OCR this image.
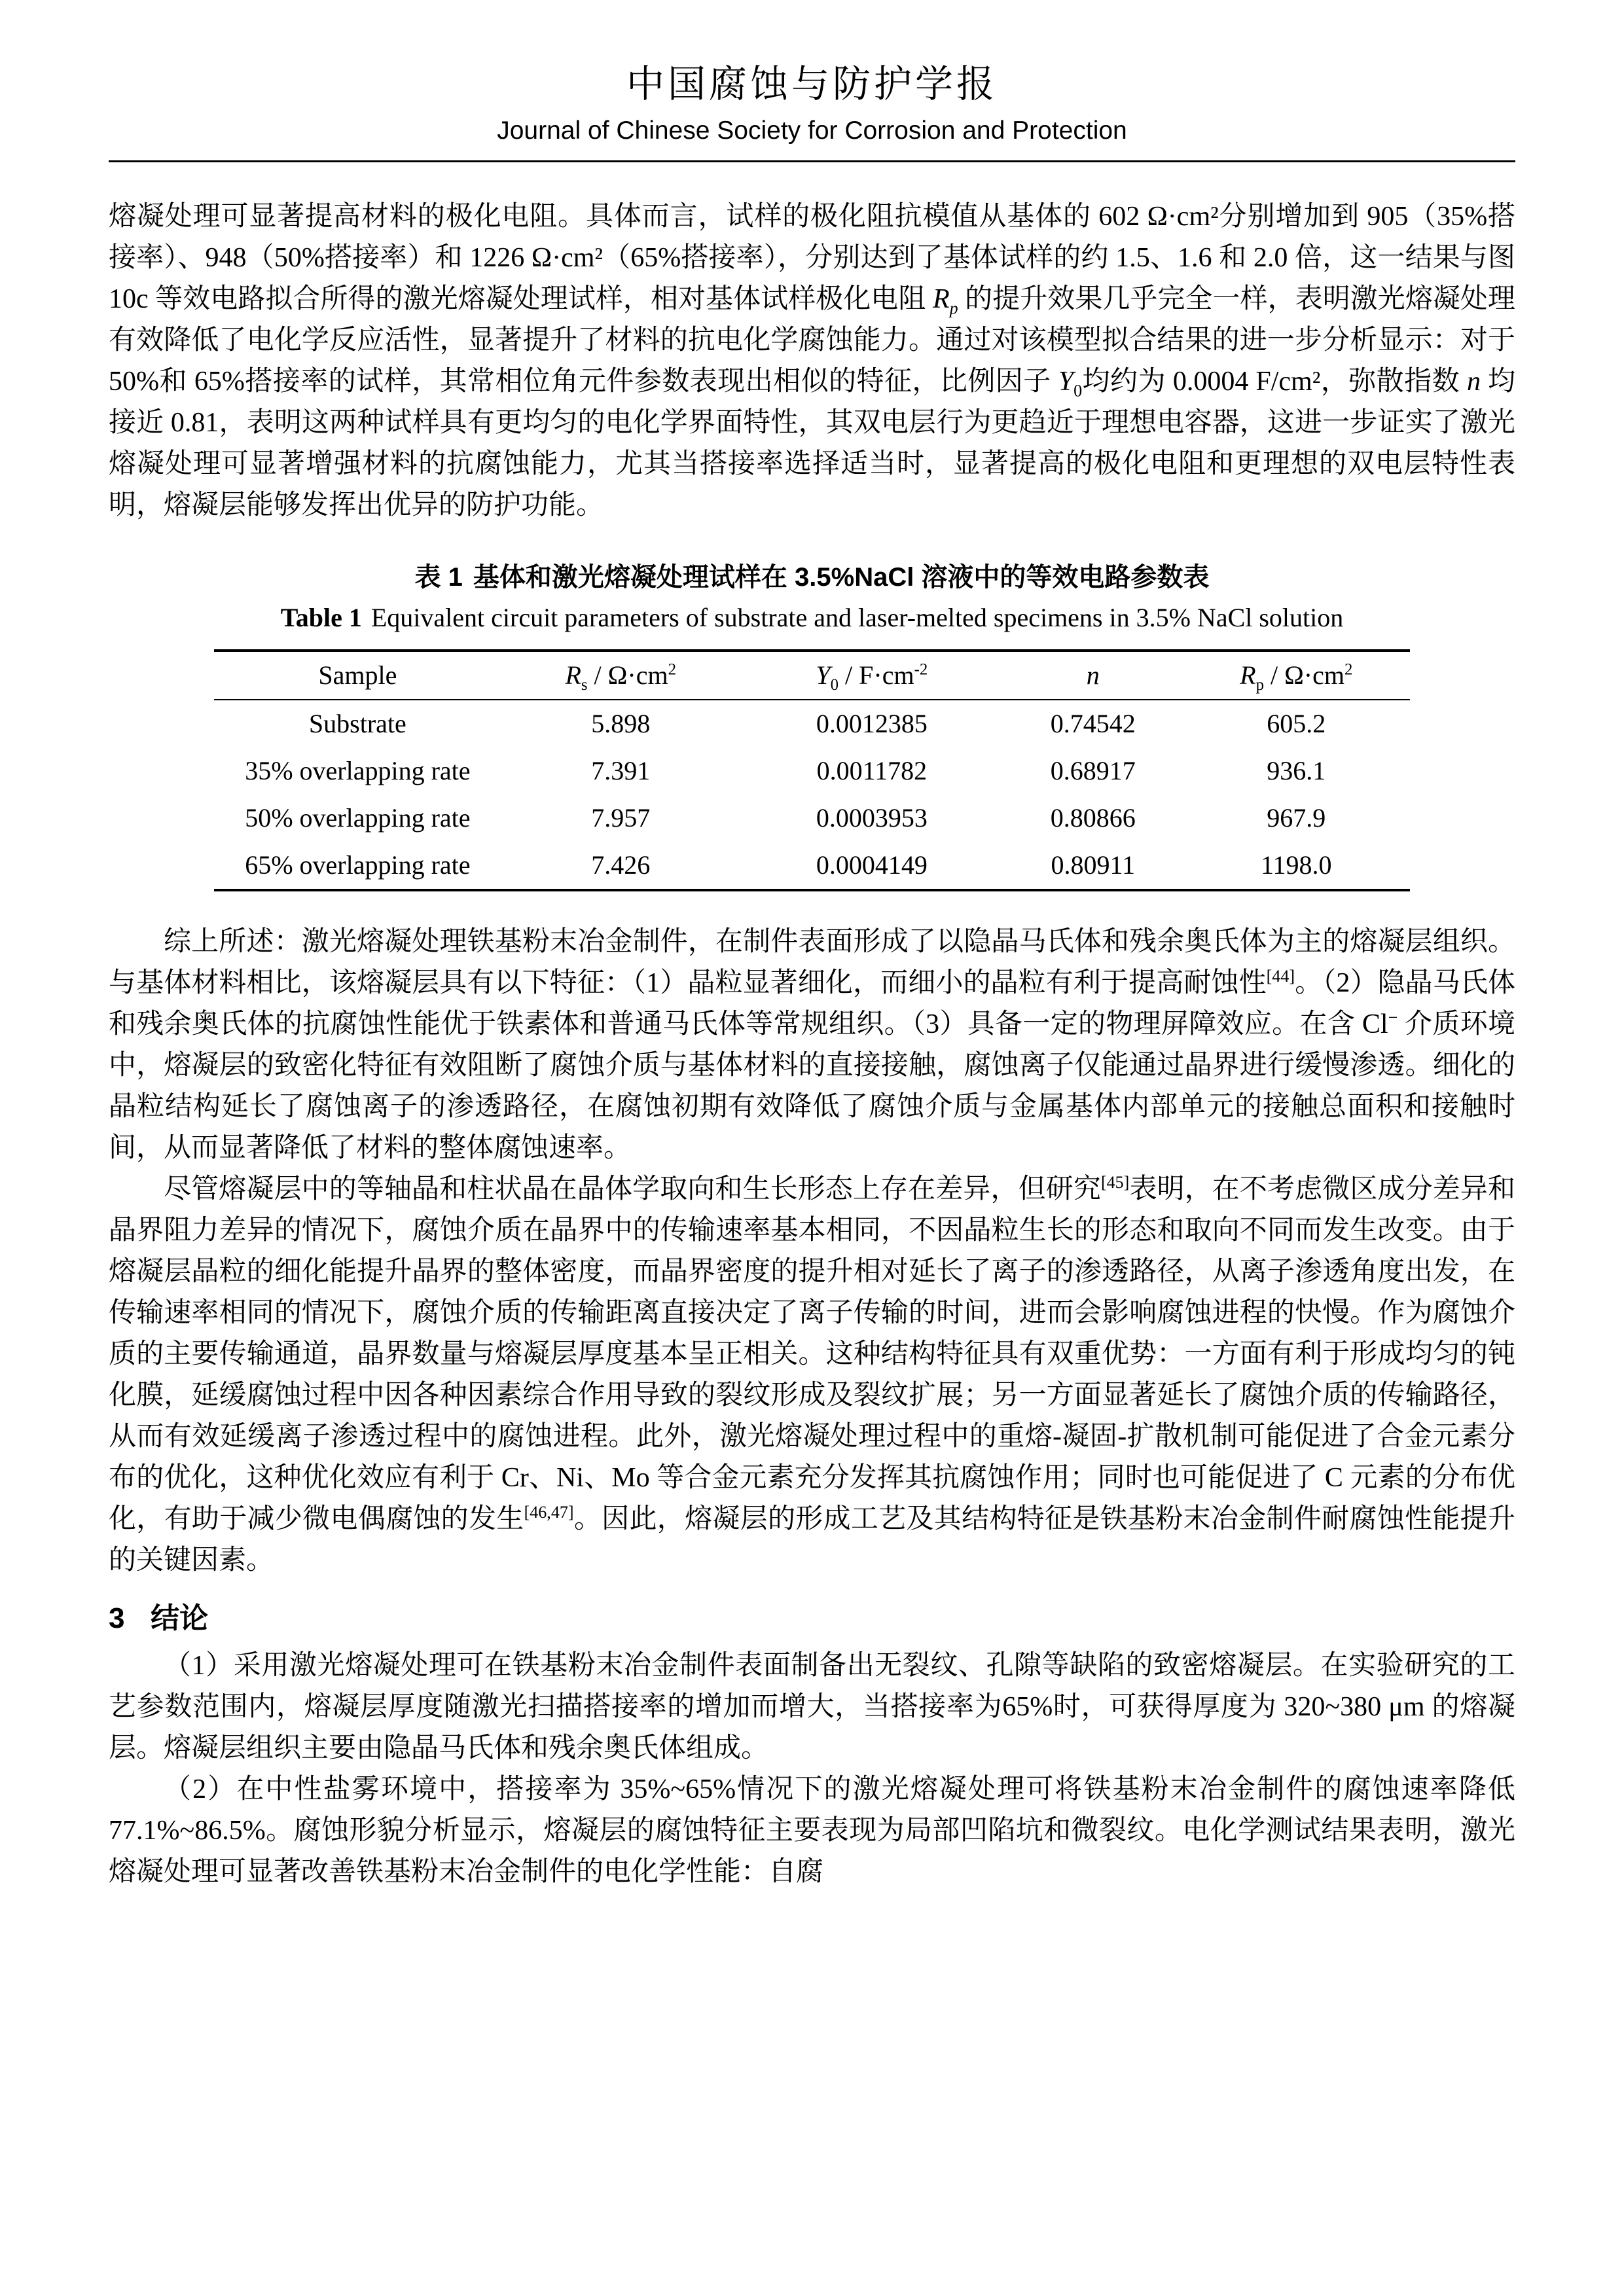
中国腐蚀与防护学报
Journal of Chinese Society for Corrosion and Protection

熔凝处理可显著提高材料的极化电阻。具体而言，试样的极化阻抗模值从基体的 602 Ω·cm²分别增加到 905（35%搭接率）、948（50%搭接率）和 1226 Ω·cm²（65%搭接率），分别达到了基体试样的约 1.5、1.6 和 2.0 倍，这一结果与图 10c 等效电路拟合所得的激光熔凝处理试样，相对基体试样极化电阻 $R_p$ 的提升效果几乎完全一样，表明激光熔凝处理有效降低了电化学反应活性，显著提升了材料的抗电化学腐蚀能力。通过对该模型拟合结果的进一步分析显示：对于 50%和 65%搭接率的试样，其常相位角元件参数表现出相似的特征，比例因子 $Y_0$均约为 0.0004 F/cm²，弥散指数 n 均接近 0.81，表明这两种试样具有更均匀的电化学界面特性，其双电层行为更趋近于理想电容器，这进一步证实了激光熔凝处理可显著增强材料的抗腐蚀能力，尤其当搭接率选择适当时，显著提高的极化电阻和更理想的双电层特性表明，熔凝层能够发挥出优异的防护功能。

表 1 基体和激光熔凝处理试样在 3.5%NaCl 溶液中的等效电路参数表
Table 1 Equivalent circuit parameters of substrate and laser-melted specimens in 3.5% NaCl solution
Sample	$R_s / \Omega\cdot cm^2$	$Y_0 / F\cdot cm^{-2}$	n	$R_p / \Omega\cdot cm^2$
Substrate	5.898	0.0012385	0.74542	605.2
35% overlapping rate	7.391	0.0011782	0.68917	936.1
50% overlapping rate	7.957	0.0003953	0.80866	967.9
65% overlapping rate	7.426	0.0004149	0.80911	1198.0

综上所述：激光熔凝处理铁基粉末冶金制件，在制件表面形成了以隐晶马氏体和残余奥氏体为主的熔凝层组织。与基体材料相比，该熔凝层具有以下特征：（1）晶粒显著细化，而细小的晶粒有利于提高耐蚀性[44]。（2）隐晶马氏体和残余奥氏体的抗腐蚀性能优于铁素体和普通马氏体等常规组织。（3）具备一定的物理屏障效应。在含 Cl− 介质环境中，熔凝层的致密化特征有效阻断了腐蚀介质与基体材料的直接接触，腐蚀离子仅能通过晶界进行缓慢渗透。细化的晶粒结构延长了腐蚀离子的渗透路径，在腐蚀初期有效降低了腐蚀介质与金属基体内部单元的接触总面积和接触时间，从而显著降低了材料的整体腐蚀速率。

尽管熔凝层中的等轴晶和柱状晶在晶体学取向和生长形态上存在差异，但研究[45]表明，在不考虑微区成分差异和晶界阻力差异的情况下，腐蚀介质在晶界中的传输速率基本相同，不因晶粒生长的形态和取向不同而发生改变。由于熔凝层晶粒的细化能提升晶界的整体密度，而晶界密度的提升相对延长了离子的渗透路径，从离子渗透角度出发，在传输速率相同的情况下，腐蚀介质的传输距离直接决定了离子传输的时间，进而会影响腐蚀进程的快慢。作为腐蚀介质的主要传输通道，晶界数量与熔凝层厚度基本呈正相关。这种结构特征具有双重优势：一方面有利于形成均匀的钝化膜，延缓腐蚀过程中因各种因素综合作用导致的裂纹形成及裂纹扩展；另一方面显著延长了腐蚀介质的传输路径，从而有效延缓离子渗透过程中的腐蚀进程。此外，激光熔凝处理过程中的重熔-凝固-扩散机制可能促进了合金元素分布的优化，这种优化效应有利于 Cr、Ni、Mo 等合金元素充分发挥其抗腐蚀作用；同时也可能促进了 C 元素的分布优化，有助于减少微电偶腐蚀的发生[46,47]。因此，熔凝层的形成工艺及其结构特征是铁基粉末冶金制件耐腐蚀性能提升的关键因素。

3 结论

（1）采用激光熔凝处理可在铁基粉末冶金制件表面制备出无裂纹、孔隙等缺陷的致密熔凝层。在实验研究的工艺参数范围内，熔凝层厚度随激光扫描搭接率的增加而增大，当搭接率为65%时，可获得厚度为 320~380 μm 的熔凝层。熔凝层组织主要由隐晶马氏体和残余奥氏体组成。

（2）在中性盐雾环境中，搭接率为 35%~65%情况下的激光熔凝处理可将铁基粉末冶金制件的腐蚀速率降低 77.1%~86.5%。腐蚀形貌分析显示，熔凝层的腐蚀特征主要表现为局部凹陷坑和微裂纹。电化学测试结果表明，激光熔凝处理可显著改善铁基粉末冶金制件的电化学性能：自腐
